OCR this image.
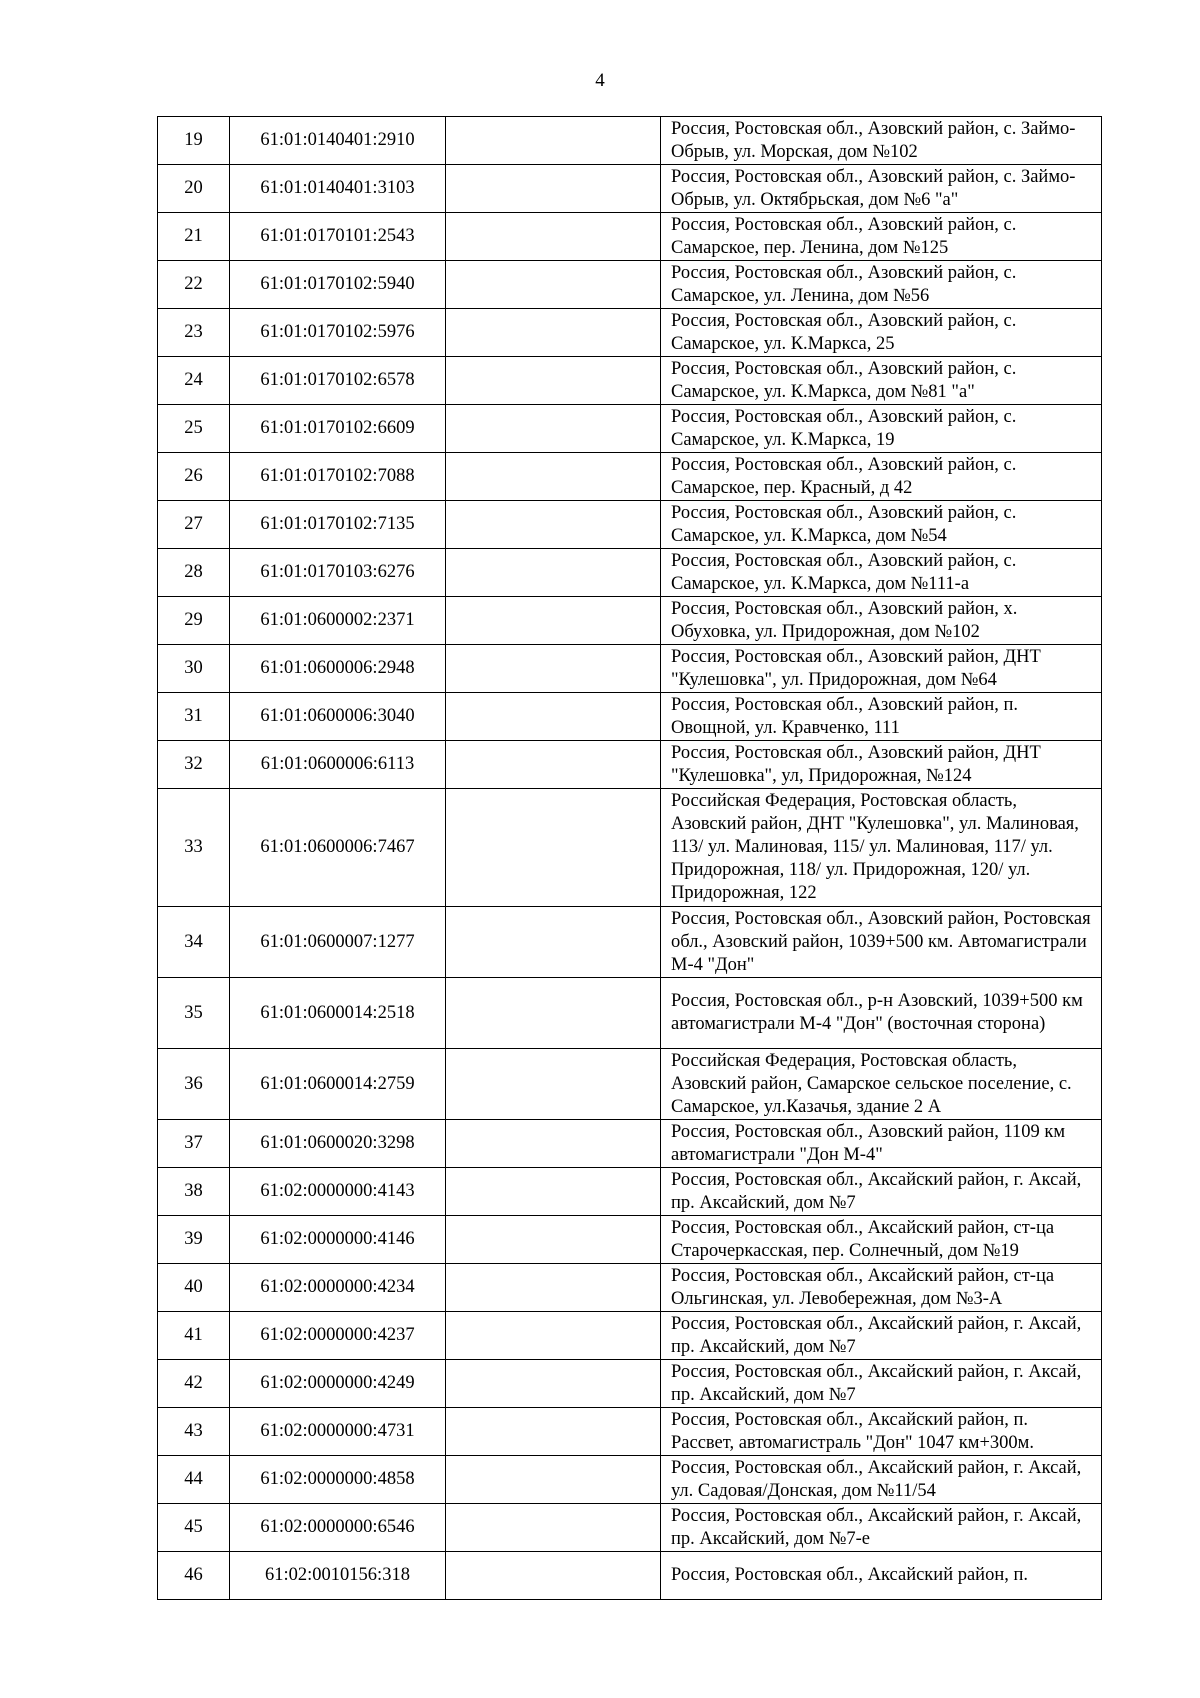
4
19	61:01:0140401:2910		Россия, Ростовская обл., Азовский район, с. Займо-Обрыв, ул. Морская, дом №102
20	61:01:0140401:3103		Россия, Ростовская обл., Азовский район, с. Займо-Обрыв, ул. Октябрьская, дом №6 "а"
21	61:01:0170101:2543		Россия, Ростовская обл., Азовский район, с. Самарское, пер. Ленина, дом №125
22	61:01:0170102:5940		Россия, Ростовская обл., Азовский район, с. Самарское, ул. Ленина, дом №56
23	61:01:0170102:5976		Россия, Ростовская обл., Азовский район, с. Самарское, ул. К.Маркса, 25
24	61:01:0170102:6578		Россия, Ростовская обл., Азовский район, с. Самарское, ул. К.Маркса, дом №81 "а"
25	61:01:0170102:6609		Россия, Ростовская обл., Азовский район, с. Самарское, ул. К.Маркса, 19
26	61:01:0170102:7088		Россия, Ростовская обл., Азовский район, с. Самарское, пер. Красный, д 42
27	61:01:0170102:7135		Россия, Ростовская обл., Азовский район, с. Самарское, ул. К.Маркса, дом №54
28	61:01:0170103:6276		Россия, Ростовская обл., Азовский район, с. Самарское, ул. К.Маркса, дом №111-а
29	61:01:0600002:2371		Россия, Ростовская обл., Азовский район, х. Обуховка, ул. Придорожная, дом №102
30	61:01:0600006:2948		Россия, Ростовская обл., Азовский район, ДНТ "Кулешовка", ул. Придорожная, дом №64
31	61:01:0600006:3040		Россия, Ростовская обл., Азовский район, п. Овощной, ул. Кравченко, 111
32	61:01:0600006:6113		Россия, Ростовская обл., Азовский район, ДНТ "Кулешовка", ул, Придорожная, №124
33	61:01:0600006:7467		Российская Федерация, Ростовская область, Азовский район, ДНТ "Кулешовка", ул. Малиновая, 113/ ул. Малиновая, 115/ ул. Малиновая, 117/ ул. Придорожная, 118/ ул. Придорожная, 120/ ул. Придорожная, 122
34	61:01:0600007:1277		Россия, Ростовская обл., Азовский район, Ростовская обл., Азовский район, 1039+500 км. Автомагистрали М-4 "Дон"
35	61:01:0600014:2518		Россия, Ростовская обл., р-н Азовский, 1039+500 км автомагистрали М-4 "Дон" (восточная сторона)
36	61:01:0600014:2759		Российская Федерация, Ростовская область, Азовский район, Самарское сельское поселение, с. Самарское, ул.Казачья, здание 2 А
37	61:01:0600020:3298		Россия, Ростовская обл., Азовский район, 1109 км автомагистрали "Дон М-4"
38	61:02:0000000:4143		Россия, Ростовская обл., Аксайский район, г. Аксай, пр. Аксайский, дом №7
39	61:02:0000000:4146		Россия, Ростовская обл., Аксайский район, ст-ца Старочеркасская, пер. Солнечный, дом №19
40	61:02:0000000:4234		Россия, Ростовская обл., Аксайский район, ст-ца Ольгинская, ул. Левобережная, дом №3-А
41	61:02:0000000:4237		Россия, Ростовская обл., Аксайский район, г. Аксай, пр. Аксайский, дом №7
42	61:02:0000000:4249		Россия, Ростовская обл., Аксайский район, г. Аксай, пр. Аксайский, дом №7
43	61:02:0000000:4731		Россия, Ростовская обл., Аксайский район, п. Рассвет, автомагистраль "Дон" 1047 км+300м.
44	61:02:0000000:4858		Россия, Ростовская обл., Аксайский район, г. Аксай, ул. Садовая/Донская, дом №11/54
45	61:02:0000000:6546		Россия, Ростовская обл., Аксайский район, г. Аксай, пр. Аксайский, дом №7-е
46	61:02:0010156:318		Россия, Ростовская обл., Аксайский район, п.
